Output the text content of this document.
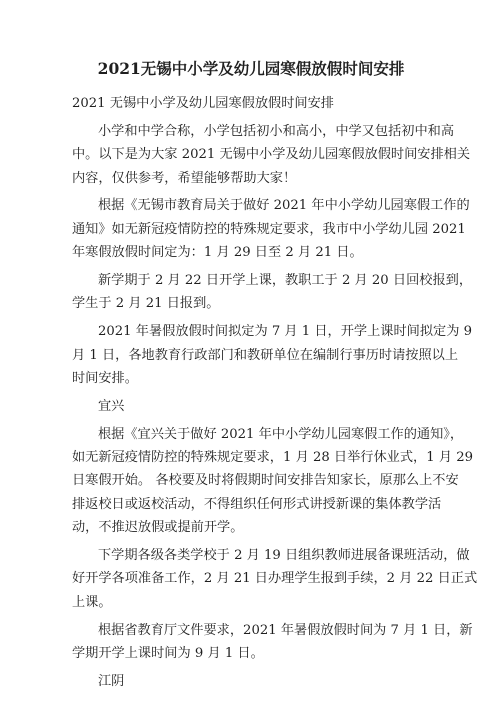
2021无锡中小学及幼儿园寒假放假时间安排
2021 无锡中小学及幼儿园寒假放假时间安排
小学和中学合称，小学包括初小和高小，中学又包括初中和高
中。以下是为大家 2021 无锡中小学及幼儿园寒假放假时间安排相关
内容，仅供参考，希望能够帮助大家！
根据《无锡市教育局关于做好 2021 年中小学幼儿园寒假工作的
通知》如无新冠疫情防控的特殊规定要求，我市中小学幼儿园 2021
年寒假放假时间定为：1 月 29 日至 2 月 21 日。
新学期于 2 月 22 日开学上课，教职工于 2 月 20 日回校报到，
学生于 2 月 21 日报到。
2021 年暑假放假时间拟定为 7 月 1 日，开学上课时间拟定为 9
月 1 日，各地教育行政部门和教研单位在编制行事历时请按照以上
时间安排。
宜兴
根据《宜兴关于做好 2021 年中小学幼儿园寒假工作的通知》，
如无新冠疫情防控的特殊规定要求，1 月 28 日举行休业式，1 月 29
日寒假开始。 各校要及时将假期时间安排告知家长，原那么上不安
排返校日或返校活动，不得组织任何形式讲授新课的集体教学活
动，不推迟放假或提前开学。
下学期各级各类学校于 2 月 19 日组织教师进展备课班活动，做
好开学各项准备工作，2 月 21 日办理学生报到手续，2 月 22 日正式
上课。
根据省教育厅文件要求，2021 年暑假放假时间为 7 月 1 日，新
学期开学上课时间为 9 月 1 日。
江阴
